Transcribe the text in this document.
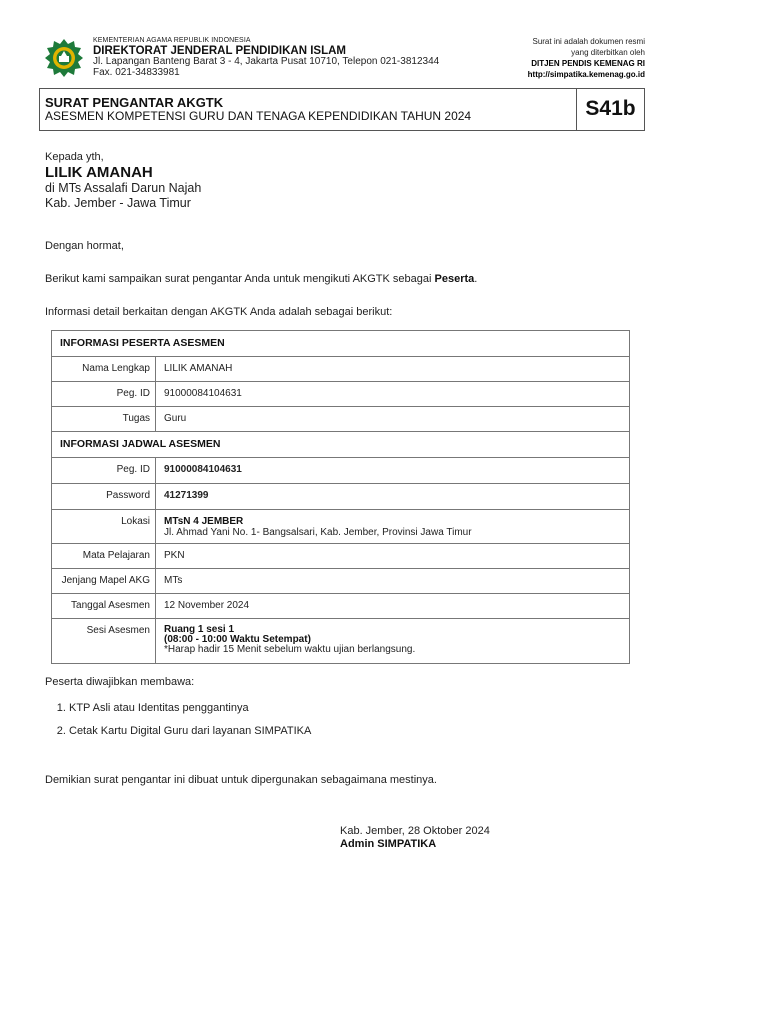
KEMENTERIAN AGAMA REPUBLIK INDONESIA
DIREKTORAT JENDERAL PENDIDIKAN ISLAM
Jl. Lapangan Banteng Barat 3 - 4, Jakarta Pusat 10710, Telepon 021-3812344
Fax. 021-34833981
Surat ini adalah dokumen resmi
yang diterbitkan oleh
DITJEN PENDIS KEMENAG RI
http://simpatika.kemenag.go.id
SURAT PENGANTAR AKGTK
ASESMEN KOMPETENSI GURU DAN TENAGA KEPENDIDIKAN TAHUN 2024	S41b
Kepada yth,
LILIK AMANAH
di MTs Assalafi Darun Najah
Kab. Jember - Jawa Timur
Dengan hormat,
Berikut kami sampaikan surat pengantar Anda untuk mengikuti AKGTK sebagai Peserta.
Informasi detail berkaitan dengan AKGTK Anda adalah sebagai berikut:
INFORMASI PESERTA ASESMEN	
Nama Lengkap	LILIK AMANAH
Peg. ID	91000084104631
Tugas	Guru
INFORMASI JADWAL ASESMEN	
Peg. ID	91000084104631
Password	41271399
Lokasi	MTsN 4 JEMBER
Jl. Ahmad Yani No. 1- Bangsalsari, Kab. Jember, Provinsi Jawa Timur

Mata Pelajaran	PKN
Jenjang Mapel AKG	MTs
Tanggal Asesmen	12 November 2024
Sesi Asesmen	Ruang 1 sesi 1
(08:00 - 10:00 Waktu Setempat)
*Harap hadir 15 Menit sebelum waktu ujian berlangsung.
Peserta diwajibkan membawa:
1. KTP Asli atau Identitas penggantinya
2. Cetak Kartu Digital Guru dari layanan SIMPATIKA
Demikian surat pengantar ini dibuat untuk dipergunakan sebagaimana mestinya.
Kab. Jember, 28 Oktober 2024
Admin SIMPATIKA
